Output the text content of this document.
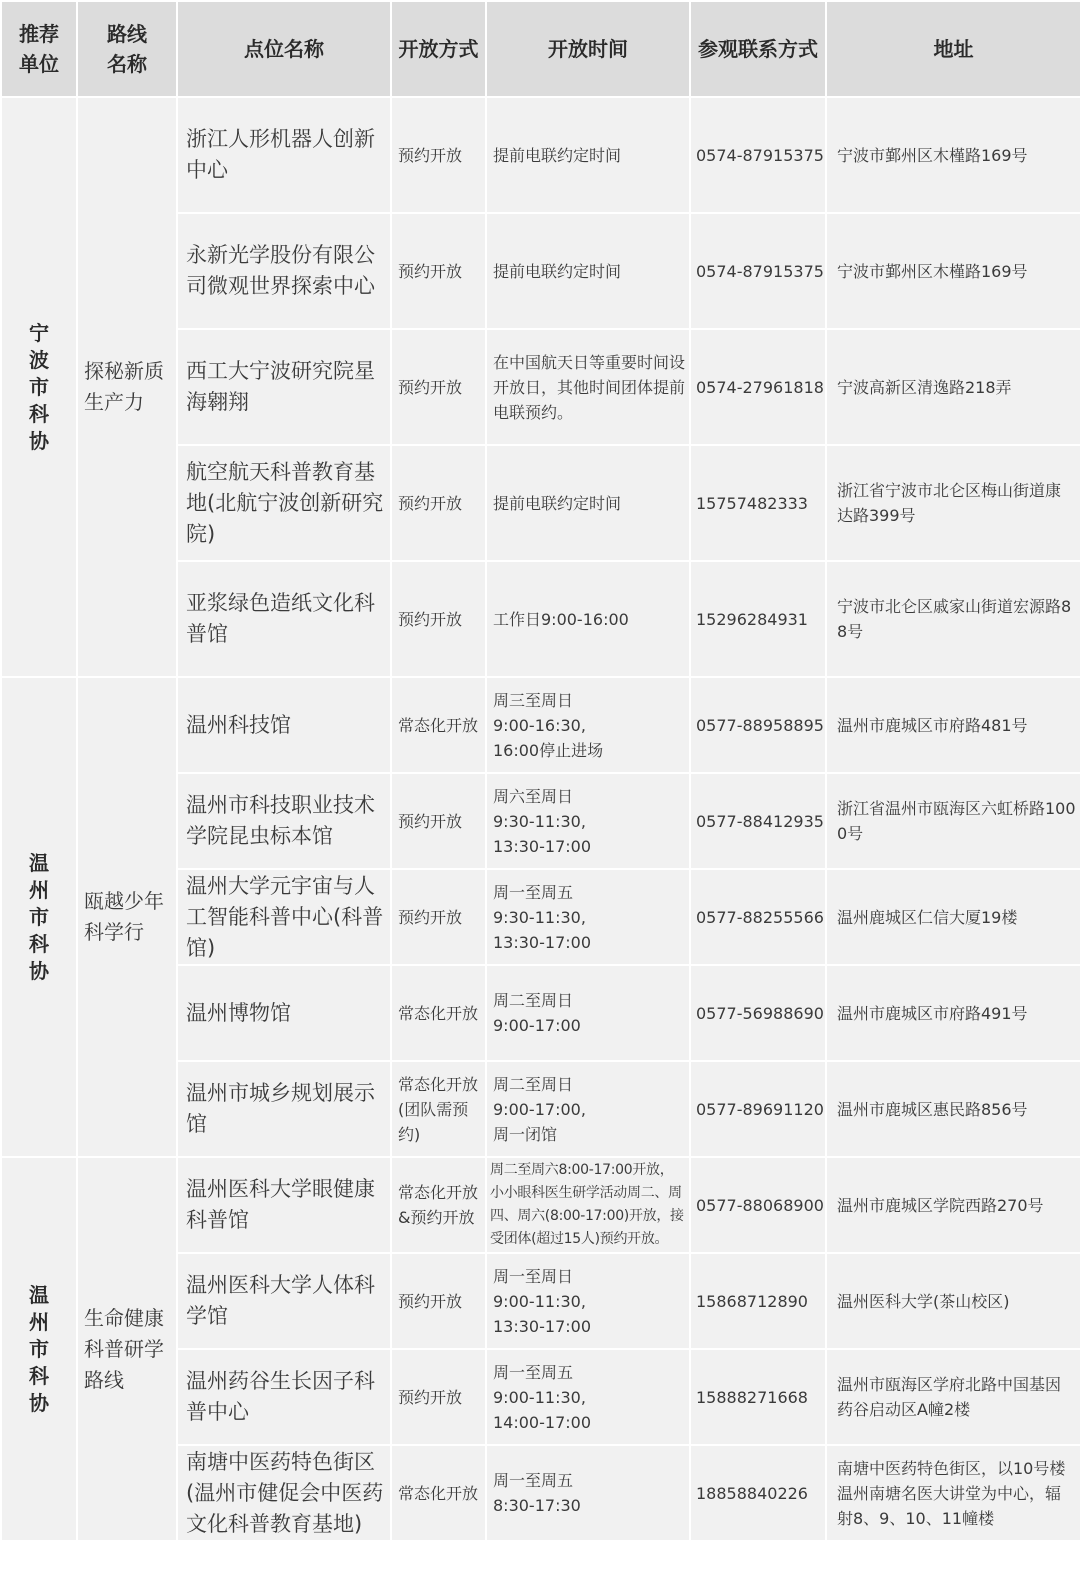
推荐单位	路线名称	点位名称	开放方式	开放时间	参观联系方式	地址
宁波市科协	探秘新质生产力	浙江人形机器人创新中心	预约开放	提前电联约定时间	0574-87915375	宁波市鄞州区木槿路169号
		永新光学股份有限公司微观世界探索中心	预约开放	提前电联约定时间	0574-87915375	宁波市鄞州区木槿路169号
		西工大宁波研究院星海翱翔	预约开放	在中国航天日等重要时间设开放日，其他时间团体提前电联预约。	0574-27961818	宁波高新区清逸路218弄
		航空航天科普教育基地(北航宁波创新研究院)	预约开放	提前电联约定时间	15757482333	浙江省宁波市北仑区梅山街道康达路399号
		亚浆绿色造纸文化科普馆	预约开放	工作日9:00-16:00	15296284931	宁波市北仑区戚家山街道宏源路88号
温州市科协	瓯越少年科学行	温州科技馆	常态化开放	周三至周日
9:00-16:30,
16:00停止进场	0577-88958895	温州市鹿城区市府路481号
		温州市科技职业技术学院昆虫标本馆	预约开放	周六至周日
9:30-11:30,
13:30-17:00	0577-88412935	浙江省温州市瓯海区六虹桥路1000号
		温州大学元宇宙与人工智能科普中心(科普馆)	预约开放	周一至周五
9:30-11:30,
13:30-17:00	0577-88255566	温州鹿城区仁信大厦19楼
		温州博物馆	常态化开放	周二至周日
9:00-17:00	0577-56988690	温州市鹿城区市府路491号
		温州市城乡规划展示馆	常态化开放(团队需预约)	周二至周日
9:00-17:00,
周一闭馆	0577-89691120	温州市鹿城区惠民路856号
温州市科协	生命健康科普研学路线	温州医科大学眼健康科普馆	常态化开放&预约开放	周二至周六8:00-17:00开放，小小眼科医生研学活动周二、周四、周六(8:00-17:00)开放，接受团体(超过15人)预约开放。	0577-88068900	温州市鹿城区学院西路270号
		温州医科大学人体科学馆	预约开放	周一至周日
9:00-11:30,
13:30-17:00	15868712890	温州医科大学(茶山校区)
		温州药谷生长因子科普中心	预约开放	周一至周五
9:00-11:30,
14:00-17:00	15888271668	温州市瓯海区学府北路中国基因药谷启动区A幢2楼
		南塘中医药特色街区(温州市健促会中医药文化科普教育基地)	常态化开放	周一至周五
8:30-17:30	18858840226	南塘中医药特色街区，以10号楼温州南塘名医大讲堂为中心，辐射8、9、10、11幢楼
